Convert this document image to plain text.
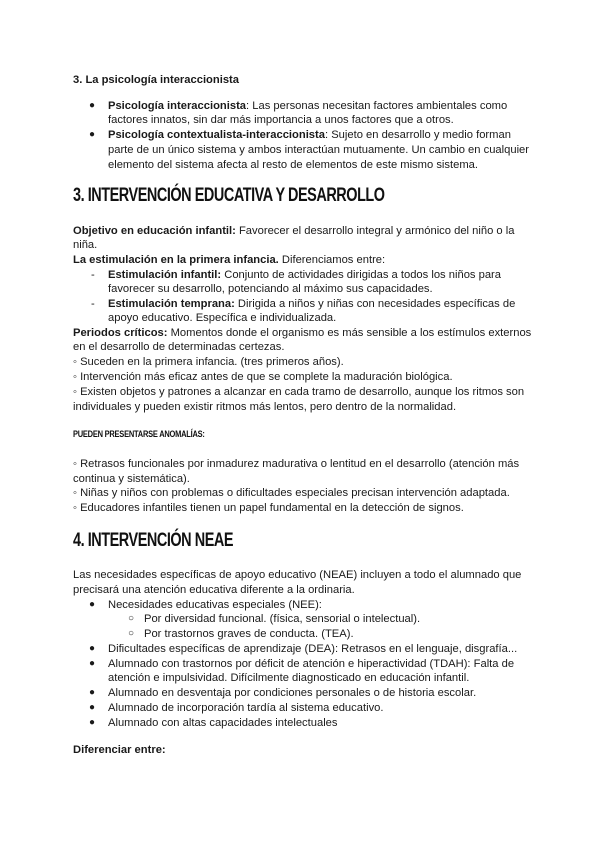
3. La psicología interaccionista

● Psicología interaccionista: Las personas necesitan factores ambientales como

factores innatos, sin dar más importancia a unos factores que a otros.

● Psicología contextualista-interaccionista: Sujeto en desarrollo y medio forman

parte de un único sistema y ambos interactúan mutuamente. Un cambio en cualquier

elemento del sistema afecta al resto de elementos de este mismo sistema.

3. INTERVENCIÓN EDUCATIVA Y DESARROLLO

Objetivo en educación infantil: Favorecer el desarrollo integral y armónico del niño o la

niña.

La estimulación en la primera infancia. Diferenciamos entre:

- Estimulación infantil: Conjunto de actividades dirigidas a todos los niños para

favorecer su desarrollo, potenciando al máximo sus capacidades.

- Estimulación temprana: Dirigida a niños y niñas con necesidades específicas de

apoyo educativo. Específica e individualizada.

Periodos críticos: Momentos donde el organismo es más sensible a los estímulos externos

en el desarrollo de determinadas certezas.

◦ Suceden en la primera infancia. (tres primeros años).

◦ Intervención más eficaz antes de que se complete la maduración biológica.

◦ Existen objetos y patrones a alcanzar en cada tramo de desarrollo, aunque los ritmos son

individuales y pueden existir ritmos más lentos, pero dentro de la normalidad.

PUEDEN PRESENTARSE ANOMALÍAS:

◦ Retrasos funcionales por inmadurez madurativa o lentitud en el desarrollo (atención más

continua y sistemática).

◦ Niñas y niños con problemas o dificultades especiales precisan intervención adaptada.

◦ Educadores infantiles tienen un papel fundamental en la detección de signos.

4. INTERVENCIÓN NEAE

Las necesidades específicas de apoyo educativo (NEAE) incluyen a todo el alumnado que

precisará una atención educativa diferente a la ordinaria.

● Necesidades educativas especiales (NEE):

○ Por diversidad funcional. (física, sensorial o intelectual).

○ Por trastornos graves de conducta. (TEA).

● Dificultades específicas de aprendizaje (DEA): Retrasos en el lenguaje, disgrafía...

● Alumnado con trastornos por déficit de atención e hiperactividad (TDAH): Falta de

atención e impulsividad. Difícilmente diagnosticado en educación infantil.

● Alumnado en desventaja por condiciones personales o de historia escolar.

● Alumnado de incorporación tardía al sistema educativo.

● Alumnado con altas capacidades intelectuales

Diferenciar entre:
